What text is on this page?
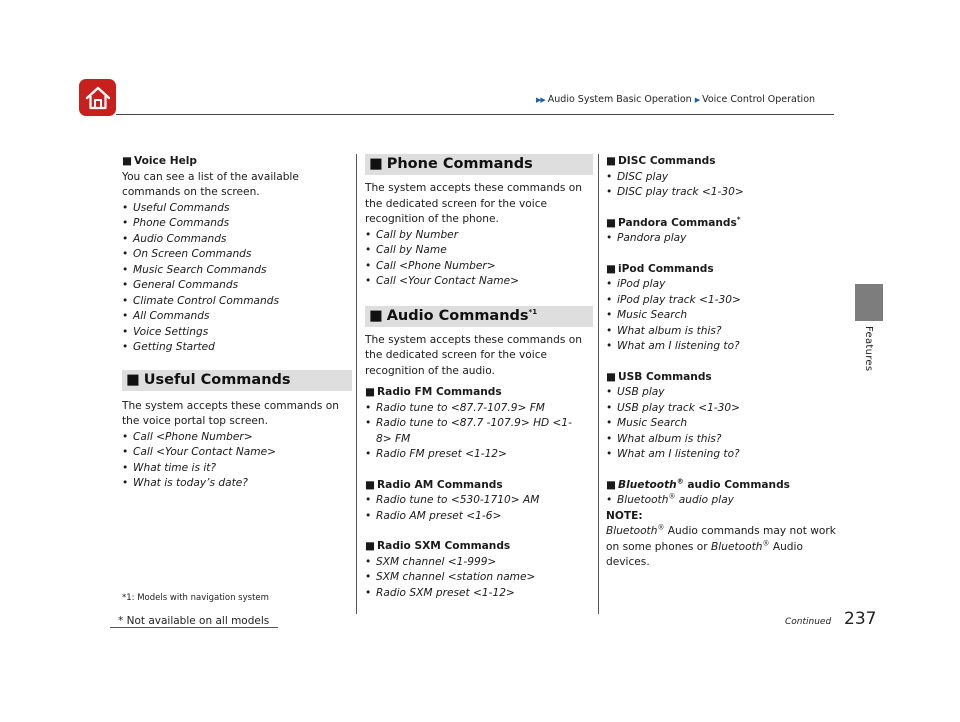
▶▶ Audio System Basic Operation ▶ Voice Control Operation
Features

■ Voice Help

You can see a list of the available commands on the screen.

• Useful Commands
• Phone Commands
• Audio Commands
• On Screen Commands
• Music Search Commands
• General Commands
• Climate Control Commands
• All Commands
• Voice Settings
• Getting Started

■ Useful Commands

The system accepts these commands on the voice portal top screen.

• Call <Phone Number>
• Call <Your Contact Name>
• What time is it?
• What is today’s date?
*1: Models with navigation system

■ Phone Commands

The system accepts these commands on the dedicated screen for the voice recognition of the phone.

• Call by Number
• Call by Name
• Call <Phone Number>
• Call <Your Contact Name>

■ Audio Commands$^{*1}$

The system accepts these commands on the dedicated screen for the voice recognition of the audio.

■ Radio FM Commands

• Radio tune to <87.7-107.9> FM
• Radio tune to <87.7 -107.9> HD <1-8> FM
• Radio FM preset <1-12>

■ Radio AM Commands

• Radio tune to <530-1710> AM
• Radio AM preset <1-6>

■ Radio SXM Commands

• SXM channel <1-999>
• SXM channel <station name>
• Radio SXM preset <1-12>

■ DISC Commands

• DISC play
• DISC play track <1-30>

■ Pandora Commands*

• Pandora play

■ iPod Commands

• iPod play
• iPod play track <1-30>
• Music Search
• What album is this?
• What am I listening to?

■ USB Commands

• USB play
• USB play track <1-30>
• Music Search
• What album is this?
• What am I listening to?

■ Bluetooth® audio Commands

• Bluetooth® audio play

NOTE:

Bluetooth® Audio commands may not work on some phones or Bluetooth® Audio devices.

* Not available on all models	Continued 237
